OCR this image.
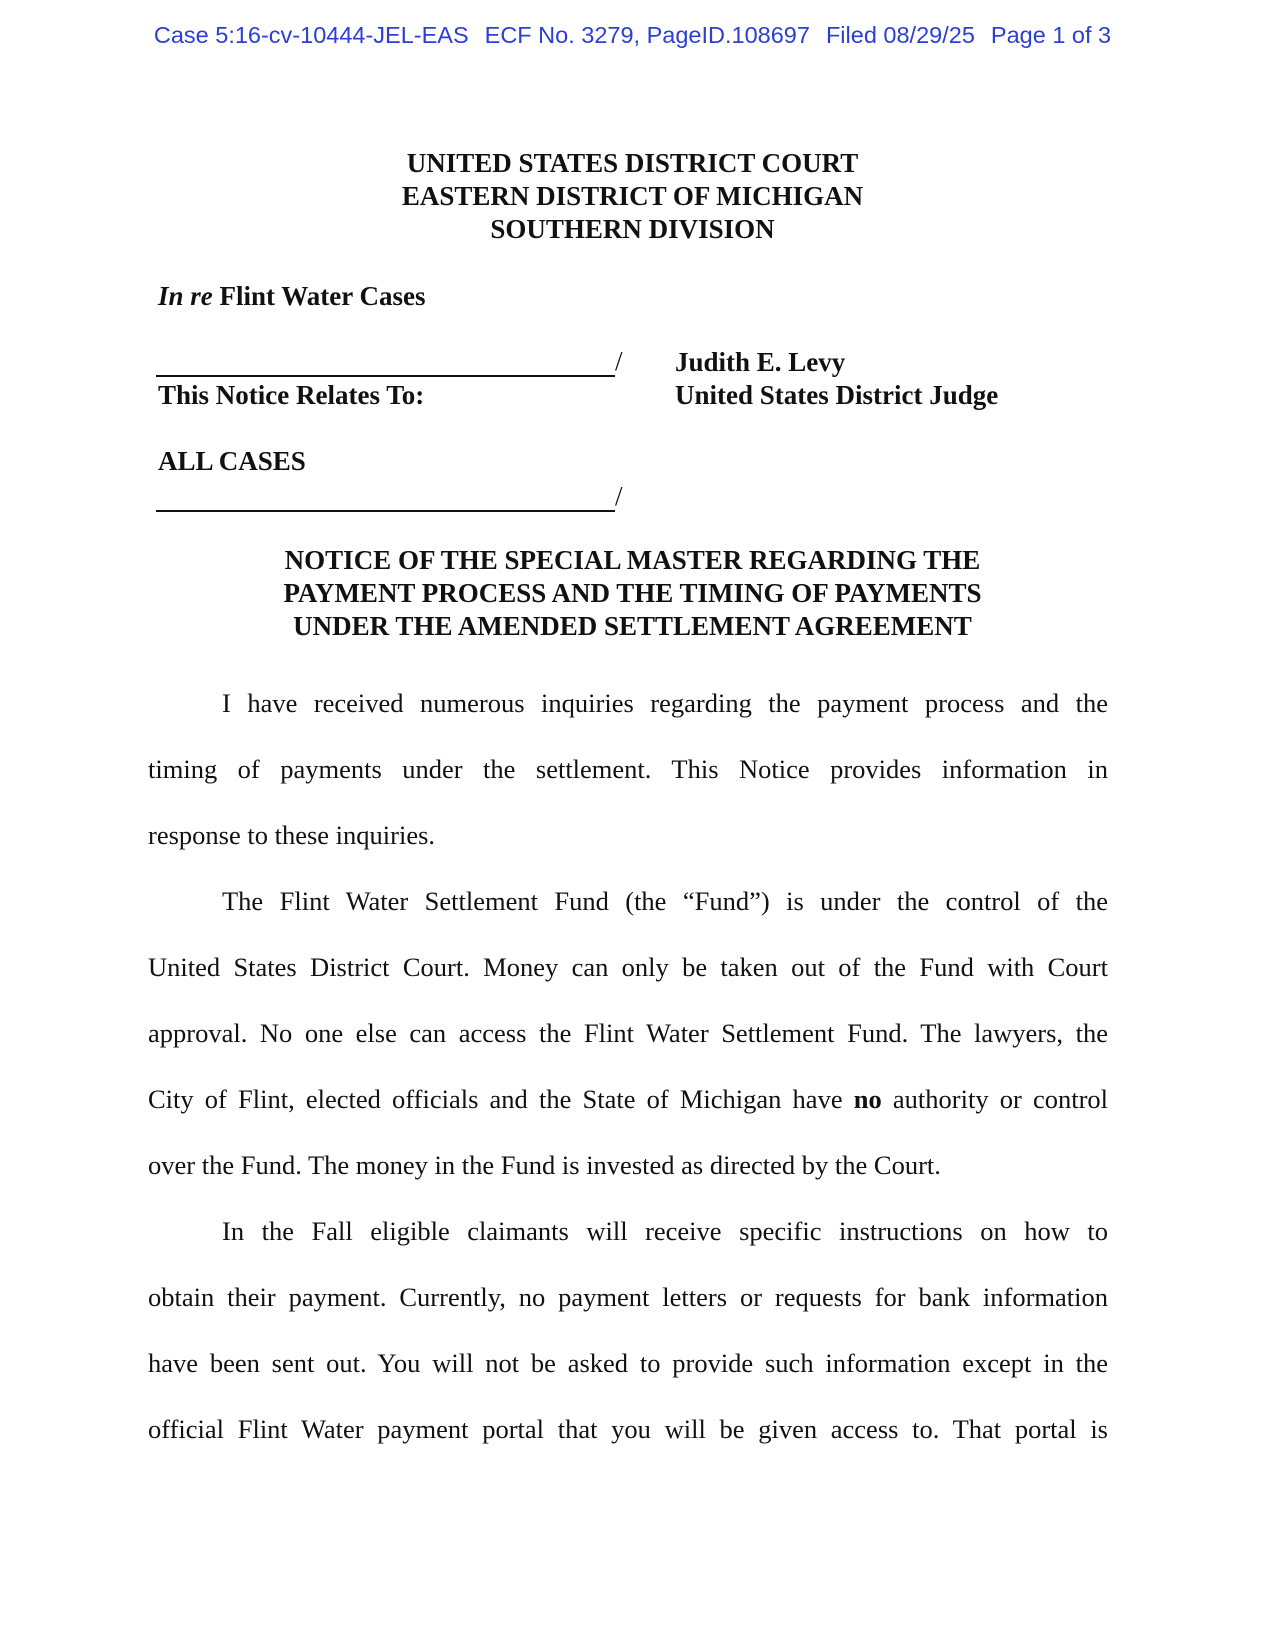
Case 5:16-cv-10444-JEL-EAS ECF No. 3279, PageID.108697 Filed 08/29/25 Page 1 of 3
UNITED STATES DISTRICT COURT
EASTERN DISTRICT OF MICHIGAN
SOUTHERN DIVISION
In re Flint Water Cases
/
This Notice Relates To:
ALL CASES
/
Judith E. Levy
United States District Judge
NOTICE OF THE SPECIAL MASTER REGARDING THE
PAYMENT PROCESS AND THE TIMING OF PAYMENTS
UNDER THE AMENDED SETTLEMENT AGREEMENT
I have received numerous inquiries regarding the payment process and the
timing of payments under the settlement. This Notice provides information in
response to these inquiries.
The Flint Water Settlement Fund (the “Fund”) is under the control of the
United States District Court. Money can only be taken out of the Fund with Court
approval. No one else can access the Flint Water Settlement Fund. The lawyers, the
City of Flint, elected officials and the State of Michigan have no authority or control
over the Fund. The money in the Fund is invested as directed by the Court.
In the Fall eligible claimants will receive specific instructions on how to
obtain their payment. Currently, no payment letters or requests for bank information
have been sent out. You will not be asked to provide such information except in the
official Flint Water payment portal that you will be given access to. That portal is
